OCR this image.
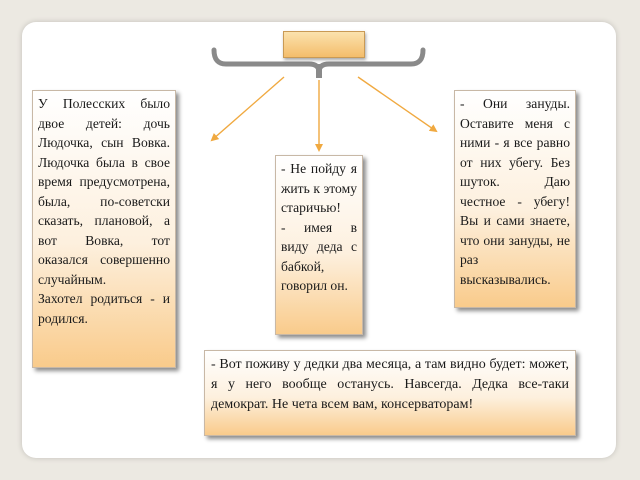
У Полесских было двое детей: дочь Людочка, сын Вовка. Людочка была в свое время предусмотрена, была, по-советски сказать, плановой, а вот Вовка, тот оказался совершенно случайным.

Захотел родиться - и родился.

- Они зануды. Оставите меня с ними - я все равно от них убегу. Без шуток. Даю честное - убегу! Вы и сами знаете, что они зануды, не раз высказывались.

- Не пойду я жить к этому старичью!

- имея в виду деда с бабкой, говорил он.

- Вот поживу у дедки два месяца, а там видно будет: может, я у него вообще останусь. Навсегда. Дедка все-таки демократ. Не чета всем вам, консерваторам!
